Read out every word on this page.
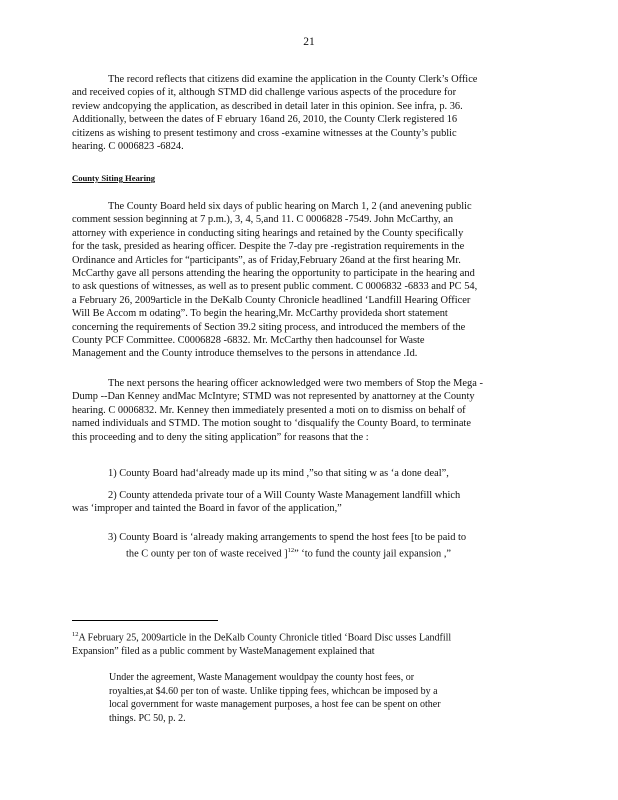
21
The record reflects that citizens did examine the application in the County Clerk’s Office
and received copies of it, although STMD did challenge various aspects of the procedure for
review andcopying the application, as described in detail later in this opinion. See infra, p. 36.
Additionally, between the dates of F ebruary 16and 26, 2010, the County Clerk registered 16
citizens as wishing to present testimony and cross -examine witnesses at the County’s public
hearing. C 0006823 -6824.
County Siting Hearing
The County Board held six days of public hearing on March 1, 2 (and anevening public
comment session beginning at 7 p.m.), 3, 4, 5,and 11. C 0006828 -7549. John McCarthy, an
attorney with experience in conducting siting hearings and retained by the County specifically
for the task, presided as hearing officer. Despite the 7-day pre -registration requirements in the
Ordinance and Articles for “participants”, as of Friday,February 26and at the first hearing Mr.
McCarthy gave all persons attending the hearing the opportunity to participate in the hearing and
to ask questions of witnesses, as well as to present public comment. C 0006832 -6833 and PC 54,
a February 26, 2009article in the DeKalb County Chronicle headlined ‘Landfill Hearing Officer
Will Be Accom m odating”. To begin the hearing,Mr. McCarthy provideda short statement
concerning the requirements of Section 39.2 siting process, and introduced the members of the
County PCF Committee. C0006828 -6832. Mr. McCarthy then hadcounsel for Waste
Management and the County introduce themselves to the persons in attendance .Id.
The next persons the hearing officer acknowledged were two members of Stop the Mega -
Dump --Dan Kenney andMac McIntyre; STMD was not represented by anattorney at the County
hearing. C 0006832. Mr. Kenney then immediately presented a moti on to dismiss on behalf of
named individuals and STMD. The motion sought to ‘disqualify the County Board, to terminate
this proceeding and to deny the siting application” for reasons that the :
1) County Board had‘already made up its mind ,”so that siting w as ‘a done deal”,
2) County attendeda private tour of a Will County Waste Management landfill which
was ‘improper and tainted the Board in favor of the application,”
3) County Board is ‘already making arrangements to spend the host fees [to be paid to
the C ounty per ton of waste received ]$^{12}$” ‘to fund the county jail expansion ,”
$^{12}$A February 25, 2009article in the DeKalb County Chronicle titled ‘Board Disc usses Landfill
Expansion” filed as a public comment by WasteManagement explained that
Under the agreement, Waste Management wouldpay the county host fees, or
royalties,at $4.60 per ton of waste. Unlike tipping fees, whichcan be imposed by a
local government for waste management purposes, a host fee can be spent on other
things. PC 50, p. 2.
